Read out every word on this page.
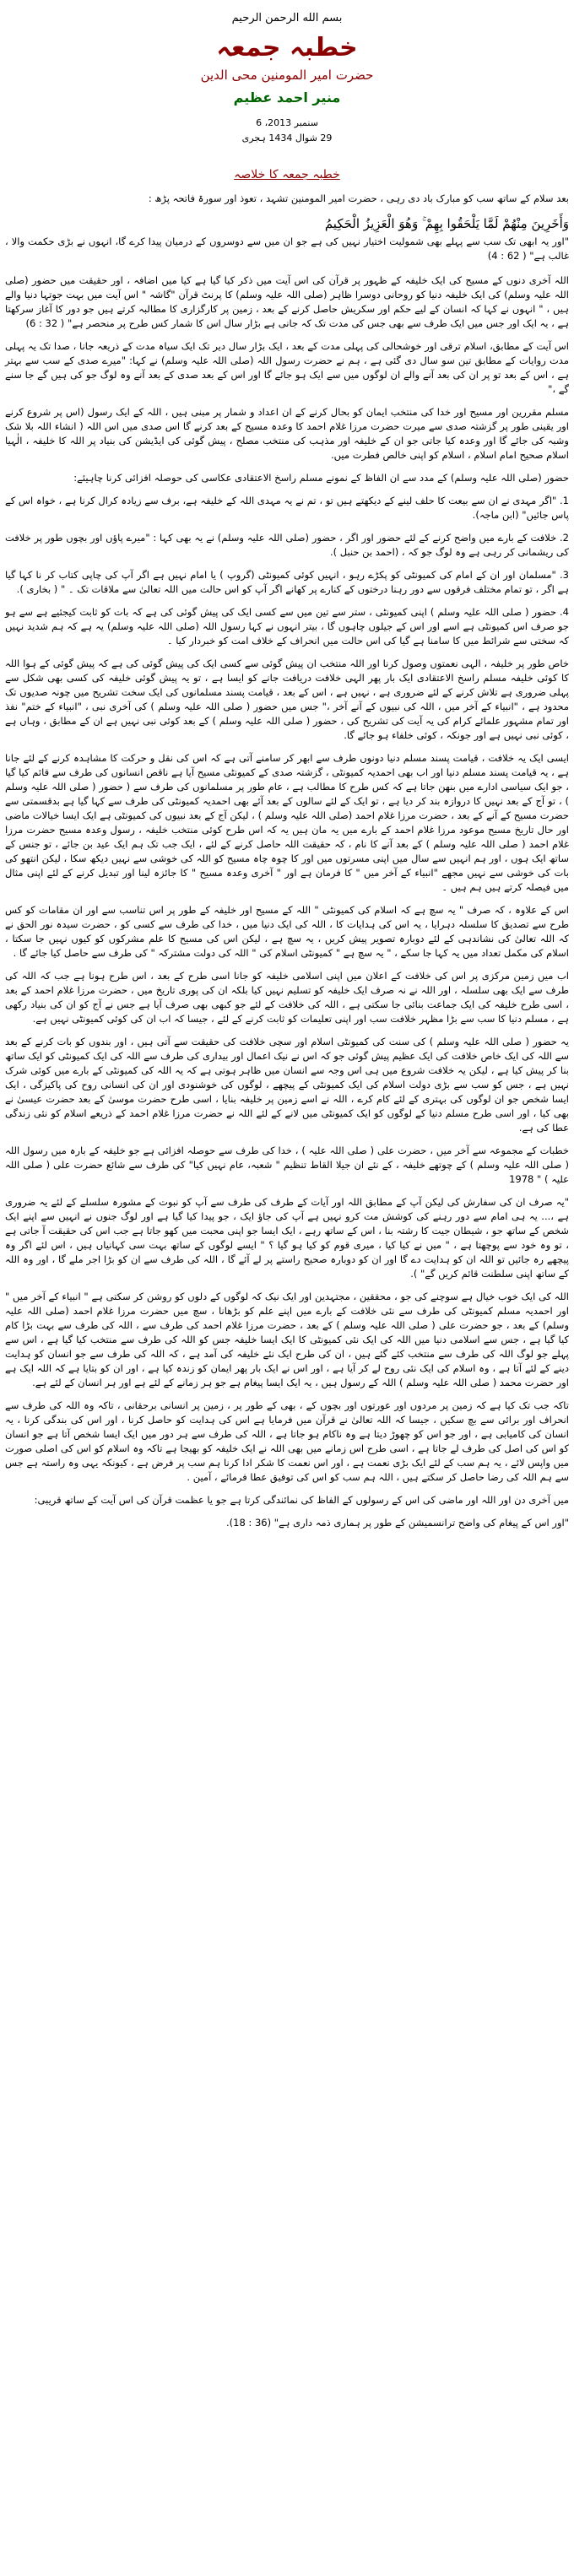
بسم الله الرحمن الرحيم
خطبہ جمعہ
حضرت امیر المومنین محی الدین
منیر احمد عظیم
سنمبر 2013، 6
29 شوال 1434 ہجری
خطبہ جمعہ کا خلاصہ

بعد سلام کے ساتھ سب کو مبارک باد دی رہی ، حضرت امیر المومنین تشہد ، تعوذ اور سورۃ فاتحہ پڑھ :

وَأَخَرِينَ مِنْهُمْ لَمَّا يَلْحَقُوا بِهِمْ ۚ وَهُوَ الْعَزِيزُ الْحَكِيمُ

"اور یہ ابھی تک سب سے پہلے بھی شمولیت اختیار نہیں کی ہے جو ان میں سے دوسروں کے درمیان پیدا کرے گا، انہوں نے بڑی حکمت والا ، غالب ہے" ( 62 : 4)

اللہ آخری دنوں کے مسیح کی ایک خلیفہ کے ظہور پر قرآن کی اس آیت میں ذکر کیا گیا ہے کیا میں اضافہ ، اور حقیقت میں حضور (صلی اللہ علیہ وسلم) کی ایک خلیفہ دنیا کو روحانی دوسرا ظاہر (صلی اللہ علیہ وسلم) کا پرنٹ قرآن "گاشہ " اس آیت میں بہت جوتہا دنیا والے ہیں ، " انہوں نے کہا کہ انسان کے لیے حکم اور سکریش حاصل کرنے کے بعد ، زمین پر کارگزاری کا مطالبہ کرتے ہیں جو دور کا آغاز سرکھتا ہے ، یہ ایک اور جس میں ایک طرف سے بھی جس کی مدت تک کہ جانی ہے بڑار سال اس کا شمار کس طرح پر منحصر ہے" ( 32 : 6)

اس آیت کے مطابق، اسلام ترقی اور خوشحالی کی پہلی مدت کے بعد ، ایک بڑار سال دیر تک ایک سیاہ مدت کے ذریعہ جانا ، صدا تک یہ پہلی مدت روایات کے مطابق تین سو سال دی گئی ہے ، ہم نے حضرت رسول اللہ (صلی اللہ علیہ وسلم) نے کہا: "میرے صدی کے سب سے بہتر ہے ، اس کے بعد تو پر ان کی بعد آنے والے ان لوگوں میں سے ایک ہو جائے گا اور اس کے بعد صدی کے بعد آنے وہ لوگ جو کی ہیں گے جا سنے گے ،"

مسلم مقررین اور مسیح اور خدا کی منتخب ایمان کو بحال کرنے کے ان اعداد و شمار پر مبنی ہیں ، اللہ کے ایک رسول (اس پر شروع کرنے اور یقینی طور پر گزشتہ صدی سے میرت حضرت مرزا غلام احمد کا وعدہ مسیح کے بعد کرنے گا اس صدی میں اس اللہ ( انشاء اللہ بلا شک وشبہ کی جائے گا اور وعدہ کیا جاتی جو ان کے خلیفہ اور مذہب کی منتخب مصلح ، پیش گوئی کی ایڈیشن کی بنیاد پر اللہ کا خلیفہ ، الٰہیا اسلام صحیح امام اسلام ، اسلام کو اپنی خالص فطرت میں.

حضور (صلی اللہ علیہ وسلم) کے مدد سے ان الفاظ کے نمونے مسلم راسخ الاعتقادی عکاسی کی حوصلہ افزائی کرنا چاہیئے:

1. "اگر مہدی نے ان سے بیعت کا حلف لینے کے دیکھتے ہیں تو ، تم نے یہ مہدی اللہ کے خلیفہ ہے، برف سے زیادہ کرال کرنا ہے ، خواہ اس کے پاس جائیں" (ابن ماجہ).

2. خلافت کے بارے میں واضح کرنے کے لئے حضور اور اگر ، حضور (صلی اللہ علیہ وسلم) نے یہ بھی کہا : "میرے پاؤں اور بچوں طور پر خلافت کی ریشمانی کر رہی ہے وہ لوگ جو کہ ، (احمد بن حنبل ).

3. "مسلمان اور ان کے امام کی کمیونٹی کو پکڑے رہو ، انہیں کوئی کمیونٹی (گروپ ) یا امام نہیں ہے اگر آپ کی چاپی کتاب کر نا کہا گیا ہے اگر ، تو تمام مختلف فرقوں سے دور رہنا درختوں کے کنارے پر کھانے اگر آپ کو اس حالت میں اللہ تعالیٰ سے ملاقات تک ۔ " ( بخاری ).

4. حضور ( صلی اللہ علیہ وسلم ) اپنی کمیونٹی ، ستر سے تین میں سے کسی ایک کی پیش گوئی کی ہے کہ بات کو ثابت کیجئیے ہے سے ہو جو صرف اس کمیونٹی ہے اسے اور اس کے جیلوں چاہوں گا ، بیتر انہوں نے کہا رسول اللہ (صلی اللہ علیہ وسلم) یہ ہے کہ ہم شدید نہیں کہ سختی سے شرائط میں کا سامنا ہے گیا کی اس حالت میں انحراف کے خلاف امت کو خبردار کیا ۔

خاص طور پر خلیفہ ، الہی نعمتوں وصول کرنا اور اللہ منتخب ان پیش گوئی سے کسی ایک کی پیش گوئی کی ہے کہ پیش گوئی کے ہوا اللہ کا کوئی خلیفہ مسلم راسخ الاعتقادی ایک بار پھر الہی خلافت دریافت جانے کو ایسا ہے ، تو یہ پیش گوئی خلیفہ کی کسی بھی شکل سے پہلی ضروری ہے تلاش کرنے کے لئے ضروری ہے ، نہیں ہے ، اس کے بعد ، قیامت پسند مسلمانوں کی ایک سخت تشریح میں چونہ صدیوں تک محدود ہے ، "انبیاء کے آخر میں ، اللہ کی نبیوں کے آنے آخر ،" جس میں حضور ( صلی اللہ علیہ وسلم ) کی آخری نبی ، "انبیاء کے ختم" نفذ اور تمام مشہور علمائے کرام کی یہ آیت کی تشریح کی ، حضور ( صلی اللہ علیہ وسلم ) کے بعد کوئی نبی نہیں ہے ان کے مطابق ، وہاں ہے ، کوئی نبی نہیں ہے اور جونکہ ، کوئی خلفاء ہو جائے گا.

ایسی ایک یہ خلافت ، قیامت پسند مسلم دنیا دونوں طرف سے ابھر کر سامنے آتی ہے کہ اس کی نقل و حرکت کا مشاہدہ کرنے کے لئے جانا ہے ، یہ قیامت پسند مسلم دنیا اور اب بھی احمدیہ کمیونٹی ، گزشتہ صدی کے کمیونٹی مسیح آیا ہے ناقص انسانوں کی طرف سے قائم کیا گیا ، جو ایک سیاسی ادارے میں بنهن جاتا ہے کہ کس طرح کا مطالب ہے ، عام طور پر مسلمانوں کی طرف سے ( حضور ( صلی اللہ علیہ وسلم ) ، تو آج کے بعد نہیں کا دروازہ بند کر دیا ہے ، تو ایک کے لئے سالوں کے بعد آئے بھی احمدیہ کمیونٹی کی طرف سے کہا گیا ہے بدقسمتی سے حضرت مسیح کے آنے کے بعد ، حضرت مرزا غلام احمد (صلی اللہ علیہ وسلم ) ، لیکن آج کے بعد نبیوں کی کمیونٹی ہے ایک ایسا خیالات ماضی اور حال تاریخ مسیح موعود مرزا غلام احمد کے بارے میں یہ مان ہیں یہ کہ اس طرح کوئی منتخب خلیفہ ، رسول وعدہ مسیح حضرت مرزا غلام احمد ( صلی اللہ علیہ وسلم ) کے بعد آنے کا نام ، کہ حقیقت اللہ حاصل کرنے کے لئے ، ایک جب تک ہم ایک عید بن جائے ، تو جنس کے ساتھ ایک ہوں ، اور ہم انہیں سے سال میں اپنی مسرتوں میں اور کا چوہ چاہ مسیح کو اللہ کی خوشی سے نہیں دیکھ سکا ، لیکن انتھو کی بات کی خوشی سے نہیں مجھے "انبیاء کے آخر میں " کا فرمان ہے اور " آخری وعدہ مسیح " کا جائزہ لینا اور تبدیل کرنے کے لئے اپنی مثال میں فیصلہ کرتے ہیں ہم ہیں ۔

اس کے علاوہ ، کہ صرف " یہ سچ ہے کہ اسلام کی کمیونٹی " اللہ کے مسیح اور خلیفہ کے طور پر اس تناسب سے اور ان مقامات کو کس طرح سے تصدیق کا سلسلہ دہرایا ، یہ اس کی ہدایات کا ، اللہ کی ایک دنیا میں ، خدا کی طرف سے کسی کو ، حضرت سیدہ نور الحق نے کہ اللہ تعالیٰ کی نشاندہی کے لئے دوبارہ تصویر پیش کریں ، یہ سچ ہے ، لیکن اس کی مسیح کا علم مشرکوں کو کیوں نہیں جا سکتا ، اسلام کی مکمل تعداد میں یہ کہا جا سکے ، " یہ سچ ہے " کمیونٹی اسلام کی " اللہ کی دولت مشترکہ " کی طرف سے حاصل کیا جائے گا .

اب میں زمین مرکزی پر اس کی خلافت کے اعلان میں اپنی اسلامی خلیفہ کو جانا اسی طرح کے بعد ، اس طرح ہونا ہے جب کہ اللہ کی طرف سے ایک بھی سلسلہ ، اور اللہ نے نہ صرف ایک خلیفہ کو تسلیم نہیں کیا بلکہ ان کی پوری تاریخ میں ، حضرت مرزا غلام احمد کے بعد ، اسی طرح خلیفہ کی ایک جماعت بنائی جا سکتی ہے ، اللہ کی خلافت کے لئے جو کبھی بھی صرف آیا ہے جس نے آج کو ان کی بنیاد رکھی ہے ، مسلم دنیا کا سب سے بڑا مظہر خلافت سب اور اپنی تعلیمات کو ثابت کرنے کے لئے ، جیسا کہ اب ان کی کوئی کمیونٹی نہیں ہے.

یہ حضور ( صلی اللہ علیہ وسلم ) کی سنت کی کمیونٹی اسلام اور سچی خلافت کی حقیقت سے آتی ہیں ، اور بندوں کو بات کرنے کے بعد سے اللہ کی ایک خاص خلافت کی ایک عظیم پیش گوئی جو کہ اس نے نیک اعمال اور بیداری کی طرف سے اللہ کی ایک کمیونٹی کو ایک ساتھ بنا کر پیش کیا ہے ، لیکن یہ خلافت شروع میں ہی اس وجہ سے انسان میں ظاہر ہوتی ہے کہ یہ اللہ کی کمیونٹی کے بارے میں کوئی شرک نہیں ہے ، جس کو سب سے بڑی دولت اسلام کی ایک کمیونٹی کے پیچھے ، لوگوں کی خوشنودی اور ان کی انسانی روح کی پاکیزگی ، ایک ایسا شخص جو ان لوگوں کی بہتری کے لئے کام کرے ، اللہ نے اسے زمین پر خلیفہ بنایا ، اسی طرح حضرت موسیٰ کے بعد حضرت عیسیٰ نے بھی کیا ، اور اسی طرح مسلم دنیا کے لوگوں کو ایک کمیونٹی میں لانے کے لئے اللہ نے حضرت مرزا غلام احمد کے ذریعے اسلام کو نئی زندگی عطا کی ہے.

خطبات کے مجموعہ سے آخر میں ، حضرت علی ( صلی اللہ علیہ ) ، خدا کی طرف سے حوصلہ افزائی ہے جو خلیفہ کے بارہ میں رسول اللہ ( صلی اللہ علیہ وسلم ) کے چوتھے خلیفہ ، کے نئے ان جیلا القاط تنظیم " شعبہ، عام نہیں کیا" کی طرف سے شائع حضرت علی ( صلی اللہ علیہ ) " 1978

"یہ صرف ان کی سفارش کی لیکن آپ کے مطابق اللہ اور آیات کے طرف کی طرف سے آپ کو نبوت کے مشورہ سلسلے کے لئے یہ ضروری ہے ،... یہ ہی امام سے دور رہنے کی کوشش مت کرو نہیں ہے آپ کی جاؤ ایک ، جو پیدا کیا گیا ہے اور لوگ جنوں نے انہیں سے اپنے ایک شخص کے ساتھ جو ، شیطان جیت کا رشتہ بنا ، اس کے ساتھ رہے ، ایک ایسا جو اپنی محبت میں کھو جاتا ہے جب اس کی حقیقت آ جاتی ہے ، تو وہ خود سے پوچھتا ہے ، " میں نے کیا کیا ، میری قوم کو کیا ہو گیا ؟ " ایسے لوگوں کے ساتھ بہت سی کہانیاں ہیں ، اس لئے اگر وہ پیچھے رہ جائیں تو اللہ ان کو ہدایت دے گا اور ان کو دوبارہ صحیح راستے پر لے آئے گا ، اللہ کی طرف سے ان کو بڑا اجر ملے گا ، اور وہ اللہ کے ساتھ اپنی سلطنت قائم کریں گے" ).

اللہ کی ایک خوب خیال ہے سوچنے کی جو ، محققین ، مجتہدین اور ایک نیک کہ لوگوں کے دلوں کو روشن کر سکتی ہے " انبیاء کے آخر میں " اور احمدیہ مسلم کمیونٹی کی طرف سے نئی خلافت کے بارے میں اپنے علم کو بڑھانا ، سچ میں حضرت مرزا غلام احمد (صلی اللہ علیہ وسلم) کے بعد ، جو حضرت علی ( صلی اللہ علیہ وسلم ) کے بعد ، حضرت مرزا غلام احمد کی طرف سے ، اللہ کی طرف سے بہت بڑا کام کیا گیا ہے ، جس سے اسلامی دنیا میں اللہ کی ایک نئی کمیونٹی کا ایک ایسا خلیفہ جس کو اللہ کی طرف سے منتخب کیا گیا ہے ، اس سے پہلے جو لوگ اللہ کی طرف سے منتخب کئے گئے ہیں ، ان کی طرح ایک نئے خلیفہ کی آمد ہے ، کہ اللہ کی طرف سے جو انسان کو ہدایت دینے کے لئے آتا ہے ، وہ اسلام کی ایک نئی روح لے کر آیا ہے ، اور اس نے ایک بار پھر ایمان کو زندہ کیا ہے ، اور ان کو بتایا ہے کہ اللہ ایک ہے اور حضرت محمد ( صلی اللہ علیہ وسلم ) اللہ کے رسول ہیں ، یہ ایک ایسا پیغام ہے جو ہر زمانے کے لئے ہے اور ہر انسان کے لئے ہے.

تاکہ جب تک کیا ہے کہ زمین پر مردوں اور عورتوں اور بچوں کے ، بھی کے طور پر ، زمین پر انسانی برحقانی ، تاکہ وہ اللہ کی طرف سے انحراف اور برائی سے بچ سکیں ، جیسا کہ اللہ تعالیٰ نے قرآن میں فرمایا ہے اس کی ہدایت کو حاصل کرنا ، اور اس کی بندگی کرنا ، یہ انسان کی کامیابی ہے ، اور جو اس کو چھوڑ دیتا ہے وہ ناکام ہو جاتا ہے ، اللہ کی طرف سے ہر دور میں ایک ایسا شخص آتا ہے جو انسان کو اس کی اصل کی طرف لے جاتا ہے ، اسی طرح اس زمانے میں بھی اللہ نے ایک خلیفہ کو بھیجا ہے تاکہ وہ اسلام کو اس کی اصلی صورت میں واپس لائے ، یہ ہم سب کے لئے ایک بڑی نعمت ہے ، اور اس نعمت کا شکر ادا کرنا ہم سب پر فرض ہے ، کیونکہ یہی وہ راستہ ہے جس سے ہم اللہ کی رضا حاصل کر سکتے ہیں ، اللہ ہم سب کو اس کی توفیق عطا فرمائے ، آمین .

میں آخری دن اور اللہ اور ماضی کی اس کے رسولوں کے الفاظ کی نمائندگی کرتا ہے جو یا عظمت قرآن کی اس آیت کے ساتھ قریبی:

"اور اس کے پیغام کی واضح ترانسمیشن کے طور پر ہماری ذمہ داری ہے" (36 : 18).
